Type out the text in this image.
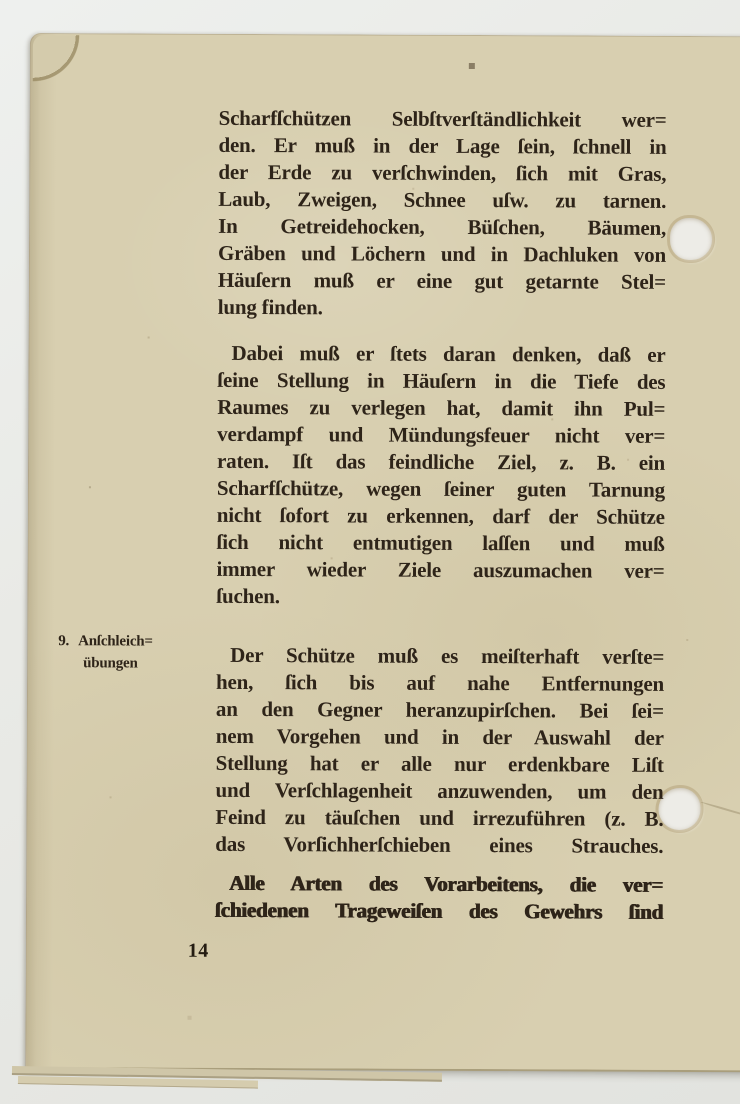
9. Anſchleich=
übungen
Scharfſchützen Selbſtverſtändlichkeit wer=
den. Er muß in der Lage ſein, ſchnell in
der Erde zu verſchwinden, ſich mit Gras,
Laub, Zweigen, Schnee uſw. zu tarnen.
In Getreidehocken, Büſchen, Bäumen,
Gräben und Löchern und in Dachluken von
Häuſern muß er eine gut getarnte Stel=
lung finden.
Dabei muß er ſtets daran denken, daß er
ſeine Stellung in Häuſern in die Tiefe des
Raumes zu verlegen hat, damit ihn Pul=
verdampf und Mündungsfeuer nicht ver=
raten. Iſt das feindliche Ziel, z. B. ein
Scharfſchütze, wegen ſeiner guten Tarnung
nicht ſofort zu erkennen, darf der Schütze
ſich nicht entmutigen laſſen und muß
immer wieder Ziele auszumachen ver=
ſuchen.
Der Schütze muß es meiſterhaft verſte=
hen, ſich bis auf nahe Entfernungen
an den Gegner heranzupirſchen. Bei ſei=
nem Vorgehen und in der Auswahl der
Stellung hat er alle nur erdenkbare Liſt
und Verſchlagenheit anzuwenden, um den
Feind zu täuſchen und irrezuführen (z. B.
das Vorſichherſchieben eines Strauches.
Alle Arten des Vorarbeitens, die ver=
ſchiedenen Trageweiſen des Gewehrs ſind
14
